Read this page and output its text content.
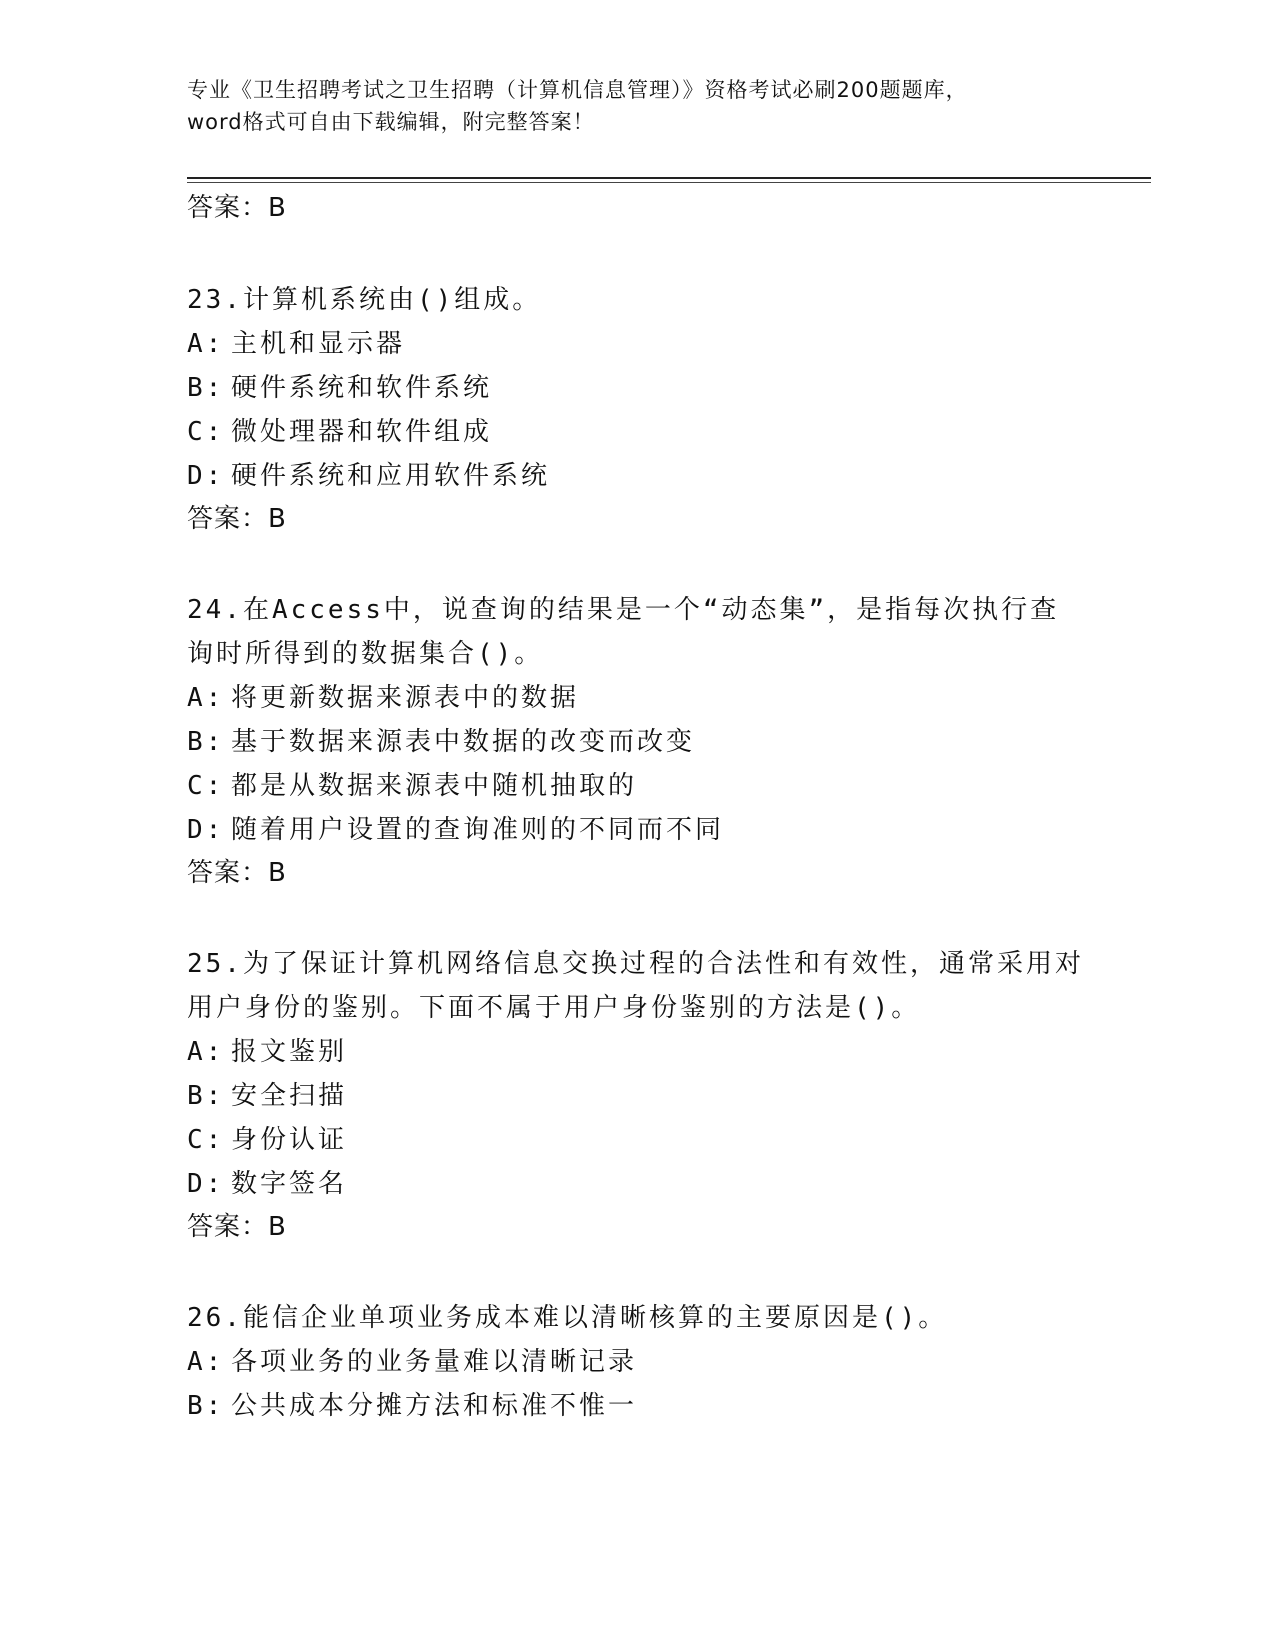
专业《卫生招聘考试之卫生招聘（计算机信息管理）》资格考试必刷200题题库，
word格式可自由下载编辑，附完整答案！
答案：B
23.计算机系统由()组成。
A: 主机和显示器
B: 硬件系统和软件系统
C: 微处理器和软件组成
D: 硬件系统和应用软件系统
答案：B
24.在Access中，说查询的结果是一个“动态集”，是指每次执行查
询时所得到的数据集合()。
A: 将更新数据来源表中的数据
B: 基于数据来源表中数据的改变而改变
C: 都是从数据来源表中随机抽取的
D: 随着用户设置的查询准则的不同而不同
答案：B
25.为了保证计算机网络信息交换过程的合法性和有效性，通常采用对
用户身份的鉴别。下面不属于用户身份鉴别的方法是()。
A: 报文鉴别
B: 安全扫描
C: 身份认证
D: 数字签名
答案：B
26.能信企业单项业务成本难以清晰核算的主要原因是()。
A: 各项业务的业务量难以清晰记录
B: 公共成本分摊方法和标准不惟一
